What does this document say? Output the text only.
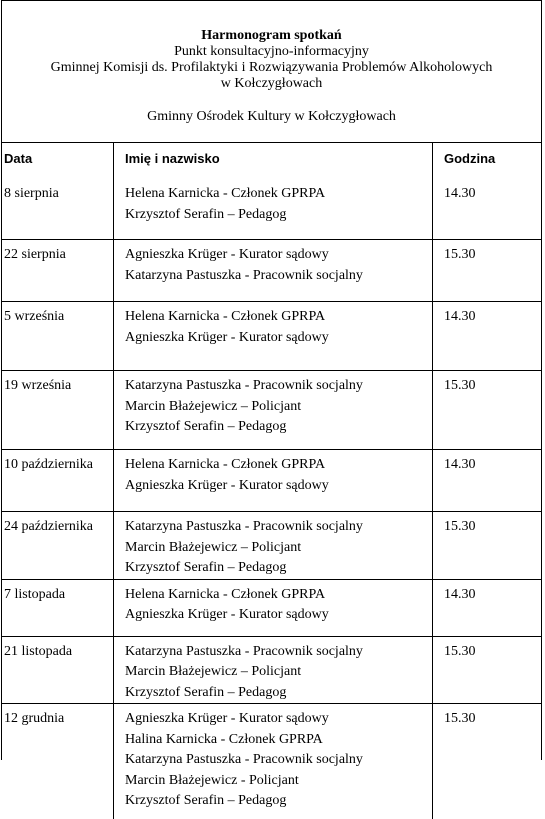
Harmonogram spotkań
Punkt konsultacyjno-informacyjny
Gminnej Komisji ds. Profilaktyki i Rozwiązywania Problemów Alkoholowych
w Kołczygłowach
Gminny Ośrodek Kultury w Kołczygłowach
Data	Imię i nazwisko	Godzina
8 sierpnia	Helena Karnicka - Członek GPRPA
Krzysztof Serafin – Pedagog	14.30
22 sierpnia	Agnieszka Krüger - Kurator sądowy
Katarzyna Pastuszka - Pracownik socjalny	15.30
5 września	Helena Karnicka - Członek GPRPA
Agnieszka Krüger - Kurator sądowy	14.30
19 września	Katarzyna Pastuszka - Pracownik socjalny
Marcin Błażejewicz – Policjant
Krzysztof Serafin – Pedagog	15.30
10 października	Helena Karnicka - Członek GPRPA
Agnieszka Krüger - Kurator sądowy	14.30
24 października	Katarzyna Pastuszka - Pracownik socjalny
Marcin Błażejewicz – Policjant
Krzysztof Serafin – Pedagog	15.30
7 listopada	Helena Karnicka - Członek GPRPA
Agnieszka Krüger - Kurator sądowy	14.30
21 listopada	Katarzyna Pastuszka - Pracownik socjalny
Marcin Błażejewicz – Policjant
Krzysztof Serafin – Pedagog	15.30
12 grudnia	Agnieszka Krüger - Kurator sądowy
Halina Karnicka - Członek GPRPA
Katarzyna Pastuszka - Pracownik socjalny
Marcin Błażejewicz - Policjant
Krzysztof Serafin – Pedagog	15.30
